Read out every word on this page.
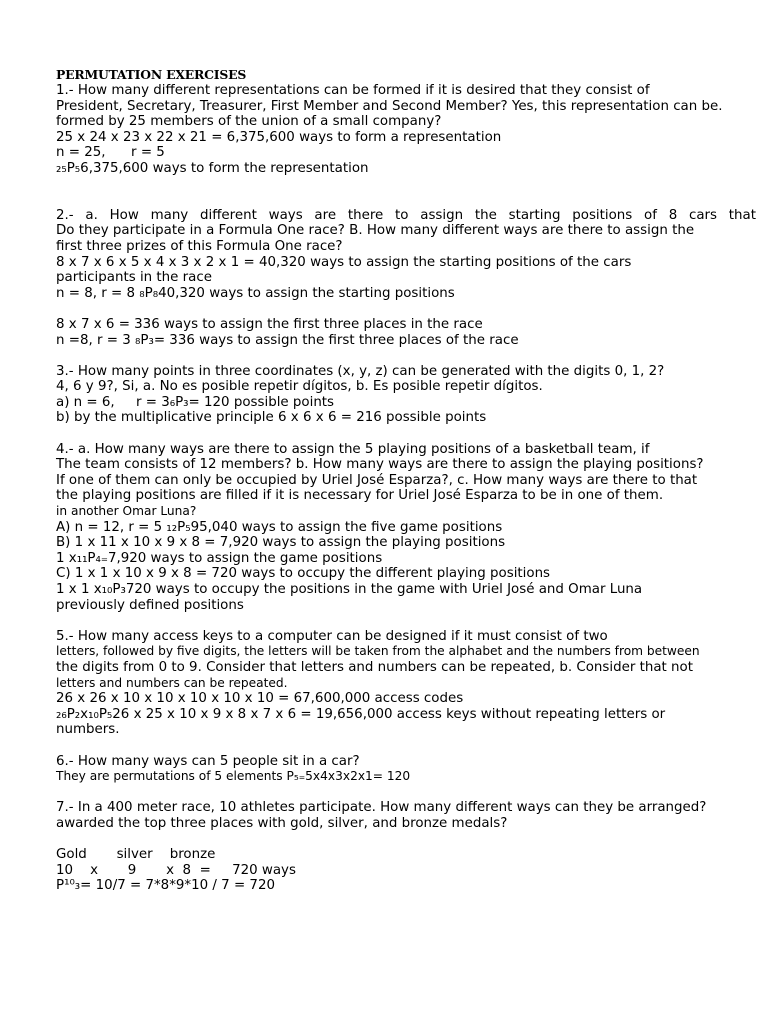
PERMUTATION EXERCISES
1.- How many different representations can be formed if it is desired that they consist of
President, Secretary, Treasurer, First Member and Second Member? Yes, this representation can be.
formed by 25 members of the union of a small company?
25 x 24 x 23 x 22 x 21 = 6,375,600 ways to form a representation
n = 25,      r = 5
₂₅P₅6,375,600 ways to form the representation
2.- a. How many different ways are there to assign the starting positions of 8 cars that
Do they participate in a Formula One race? B. How many different ways are there to assign the
first three prizes of this Formula One race?
8 x 7 x 6 x 5 x 4 x 3 x 2 x 1 = 40,320 ways to assign the starting positions of the cars
participants in the race
n = 8, r = 8 ₈P₈40,320 ways to assign the starting positions
8 x 7 x 6 = 336 ways to assign the first three places in the race
n =8, r = 3 ₈P₃= 336 ways to assign the first three places of the race
3.- How many points in three coordinates (x, y, z) can be generated with the digits 0, 1, 2?
4, 6 y 9?, Si, a. No es posible repetir dígitos, b. Es posible repetir dígitos.
a) n = 6,     r = 3₆P₃= 120 possible points
b) by the multiplicative principle 6 x 6 x 6 = 216 possible points
4.- a. How many ways are there to assign the 5 playing positions of a basketball team, if
The team consists of 12 members? b. How many ways are there to assign the playing positions?
If one of them can only be occupied by Uriel José Esparza?, c. How many ways are there to that
the playing positions are filled if it is necessary for Uriel José Esparza to be in one of them.
in another Omar Luna?
A) n = 12, r = 5 ₁₂P₅95,040 ways to assign the five game positions
B) 1 x 11 x 10 x 9 x 8 = 7,920 ways to assign the playing positions
1 x₁₁P₄₌7,920 ways to assign the game positions
C) 1 x 1 x 10 x 9 x 8 = 720 ways to occupy the different playing positions
1 x 1 x₁₀P₃720 ways to occupy the positions in the game with Uriel José and Omar Luna
previously defined positions
5.- How many access keys to a computer can be designed if it must consist of two
letters, followed by five digits, the letters will be taken from the alphabet and the numbers from between
the digits from 0 to 9. Consider that letters and numbers can be repeated, b. Consider that not
letters and numbers can be repeated.
26 x 26 x 10 x 10 x 10 x 10 x 10 = 67,600,000 access codes
₂₆P₂x₁₀P₅26 x 25 x 10 x 9 x 8 x 7 x 6 = 19,656,000 access keys without repeating letters or
numbers.
6.- How many ways can 5 people sit in a car?
They are permutations of 5 elements P₅₌5x4x3x2x1= 120
7.- In a 400 meter race, 10 athletes participate. How many different ways can they be arranged?
awarded the top three places with gold, silver, and bronze medals?
Gold       silver    bronze
10    x       9       x  8  =     720 ways
P¹⁰₃= 10/7 = 7*8*9*10 / 7 = 720
